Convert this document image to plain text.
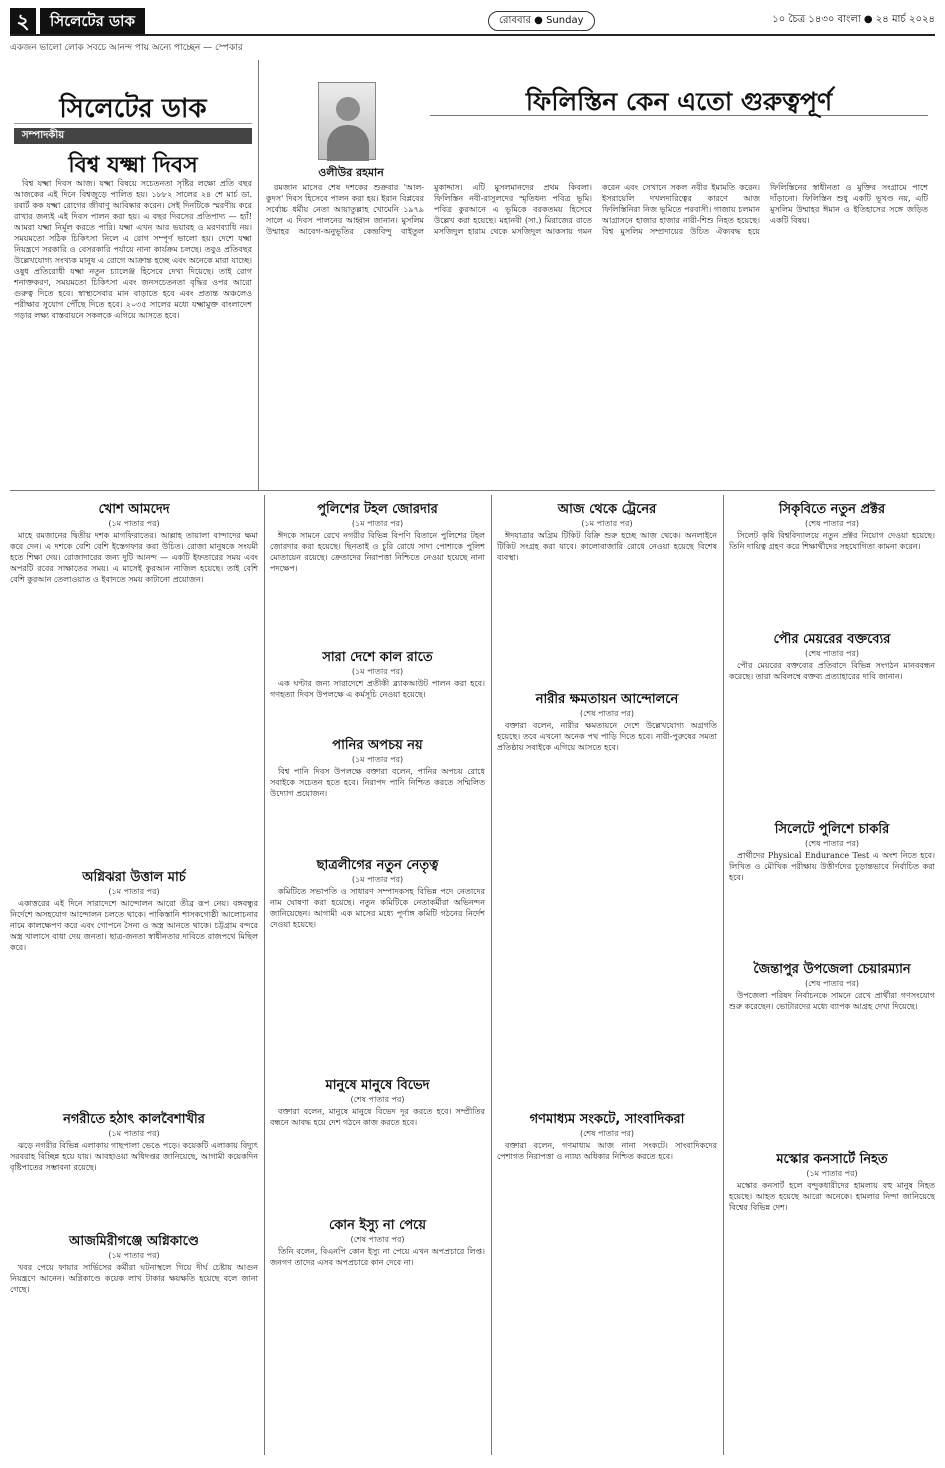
২	সিলেটের ডাক	রোববার ● Sunday	১০ চৈত্র ১৪৩০ বাংলা ● ২৪ মার্চ ২০২৪
একজন ভালো লোক সবচে আনন্দ পায় অন্যে পাচ্ছেন — স্পেকার
সিলেটের ডাক
সম্পাদকীয়
বিশ্ব যক্ষ্মা দিবস

বিশ্ব যক্ষ্মা দিবস আজ। যক্ষ্মা বিষয়ে সচেতনতা সৃষ্টির লক্ষ্যে প্রতি বছর আজকের এই দিনে বিশ্বজুড়ে পালিত হয়। ১৮৮২ সালের ২৪ শে মার্চ ডা. রবার্ট কক যক্ষ্মা রোগের জীবাণু আবিষ্কার করেন। সেই দিনটিকে স্মরণীয় করে রাখার জন্যই এই দিবস পালন করা হয়। এ বছর দিবসের প্রতিপাদ্য — হ্যাঁ! আমরা যক্ষ্মা নির্মূল করতে পারি। যক্ষ্মা এখন আর ভয়াবহ ও মরণব্যাধি নয়। সময়মতো সঠিক চিকিৎসা নিলে এ রোগ সম্পূর্ণ ভালো হয়। দেশে যক্ষ্মা নিয়ন্ত্রণে সরকারি ও বেসরকারি পর্যায়ে নানা কার্যক্রম চলছে। তবুও প্রতিবছর উল্লেখযোগ্য সংখ্যক মানুষ এ রোগে আক্রান্ত হচ্ছে এবং অনেকে মারা যাচ্ছে। ওষুধ প্রতিরোধী যক্ষ্মা নতুন চ্যালেঞ্জ হিসেবে দেখা দিয়েছে। তাই রোগ শনাক্তকরণ, সময়মতো চিকিৎসা এবং জনসচেতনতা বৃদ্ধির ওপর আরো গুরুত্ব দিতে হবে। স্বাস্থ্যসেবার মান বাড়াতে হবে এবং প্রত্যন্ত অঞ্চলেও পরীক্ষার সুযোগ পৌঁছে দিতে হবে। ২০৩৫ সালের মধ্যে যক্ষ্মামুক্ত বাংলাদেশ গড়ার লক্ষ্য বাস্তবায়নে সকলকে এগিয়ে আসতে হবে।

ওলীউর রহমান
ফিলিস্তিন কেন এতো গুরুত্বপূর্ণ

রমজান মাসের শেষ দশকের শুক্রবার 'আল-কুদস' দিবস হিসেবে পালন করা হয়। ইরান বিপ্লবের সর্বোচ্চ ধর্মীয় নেতা আয়াতুল্লাহ খোমেনি ১৯৭৯ সালে এ দিবস পালনের আহ্বান জানান। মুসলিম উম্মাহর আবেগ-অনুভূতির কেন্দ্রবিন্দু বাইতুল মুকাদ্দাস। এটি মুসলমানদের প্রথম কিবলা। ফিলিস্তিন নবী-রাসুলদের স্মৃতিধন্য পবিত্র ভূমি। পবিত্র কুরআনে এ ভূমিকে বরকতময় হিসেবে উল্লেখ করা হয়েছে। মহানবী (সা.) মিরাজের রাতে মসজিদুল হারাম থেকে মসজিদুল আকসায় গমন করেন এবং সেখানে সকল নবীর ইমামতি করেন। ইসরায়েলি দখলদারিত্বের কারণে আজ ফিলিস্তিনিরা নিজ ভূমিতে পরবাসী। গাজায় চলমান আগ্রাসনে হাজার হাজার নারী-শিশু নিহত হয়েছে। বিশ্ব মুসলিম সম্প্রদায়ের উচিত ঐক্যবদ্ধ হয়ে ফিলিস্তিনের স্বাধীনতা ও মুক্তির সংগ্রামে পাশে দাঁড়ানো। ফিলিস্তিন শুধু একটি ভূখণ্ড নয়, এটি মুসলিম উম্মাহর ঈমান ও ইতিহাসের সঙ্গে জড়িত একটি বিষয়।

খোশ আমদেদ
(১ম পাতার পর)

মাহে রমজানের দ্বিতীয় দশক মাগফিরাতের। আল্লাহ তায়ালা বান্দাদের ক্ষমা করে দেন। এ দশকে বেশি বেশি ইস্তেগফার করা উচিত। রোজা মানুষকে সংযমী হতে শিক্ষা দেয়। রোজাদারের জন্য দুটি আনন্দ — একটি ইফতারের সময় এবং অপরটি রবের সাক্ষাতের সময়। এ মাসেই কুরআন নাজিল হয়েছে। তাই বেশি বেশি কুরআন তেলাওয়াত ও ইবাদতে সময় কাটানো প্রয়োজন।

অগ্নিঝরা উত্তাল মার্চ
(১ম পাতার পর)

একাত্তরের এই দিনে সারাদেশে আন্দোলন আরো তীব্র রূপ নেয়। বঙ্গবন্ধুর নির্দেশে অসহযোগ আন্দোলন চলতে থাকে। পাকিস্তানি শাসকগোষ্ঠী আলোচনার নামে কালক্ষেপণ করে এবং গোপনে সৈন্য ও অস্ত্র আনতে থাকে। চট্টগ্রাম বন্দরে অস্ত্র খালাসে বাধা দেয় জনতা। ছাত্র-জনতা স্বাধীনতার দাবিতে রাজপথে মিছিল করে।

নগরীতে হঠাৎ কালবৈশাখীর
(১ম পাতার পর)

ঝড়ে নগরীর বিভিন্ন এলাকায় গাছপালা ভেঙে পড়ে। কয়েকটি এলাকায় বিদ্যুৎ সরবরাহ বিচ্ছিন্ন হয়ে যায়। আবহাওয়া অধিদপ্তর জানিয়েছে, আগামী কয়েকদিন বৃষ্টিপাতের সম্ভাবনা রয়েছে।

আজমিরীগঞ্জে অগ্নিকাণ্ডে
(১ম পাতার পর)

খবর পেয়ে ফায়ার সার্ভিসের কর্মীরা ঘটনাস্থলে গিয়ে দীর্ঘ চেষ্টায় আগুন নিয়ন্ত্রণে আনেন। অগ্নিকাণ্ডে কয়েক লাখ টাকার ক্ষয়ক্ষতি হয়েছে বলে জানা গেছে।

পুলিশের টহল জোরদার
(১ম পাতার পর)

ঈদকে সামনে রেখে নগরীর বিভিন্ন বিপণি বিতানে পুলিশের টহল জোরদার করা হয়েছে। ছিনতাই ও চুরি রোধে সাদা পোশাকে পুলিশ মোতায়েন রয়েছে। ক্রেতাদের নিরাপত্তা নিশ্চিতে নেওয়া হয়েছে নানা পদক্ষেপ।

সারা দেশে কাল রাতে
(১ম পাতার পর)

এক ঘণ্টার জন্য সারাদেশে প্রতীকী ব্ল্যাকআউট পালন করা হবে। গণহত্যা দিবস উপলক্ষে এ কর্মসূচি নেওয়া হয়েছে।

পানির অপচয় নয়
(১ম পাতার পর)

বিশ্ব পানি দিবস উপলক্ষে বক্তারা বলেন, পানির অপচয় রোধে সবাইকে সচেতন হতে হবে। নিরাপদ পানি নিশ্চিত করতে সম্মিলিত উদ্যোগ প্রয়োজন।

ছাত্রলীগের নতুন নেতৃত্ব
(১ম পাতার পর)

কমিটিতে সভাপতি ও সাধারণ সম্পাদকসহ বিভিন্ন পদে নেতাদের নাম ঘোষণা করা হয়েছে। নতুন কমিটিকে নেতাকর্মীরা অভিনন্দন জানিয়েছেন। আগামী এক মাসের মধ্যে পূর্ণাঙ্গ কমিটি গঠনের নির্দেশ দেওয়া হয়েছে।

মানুষে মানুষে বিভেদ
(শেষ পাতার পর)

বক্তারা বলেন, মানুষে মানুষে বিভেদ দূর করতে হবে। সম্প্রীতির বন্ধনে আবদ্ধ হয়ে দেশ গঠনে কাজ করতে হবে।

কোন ইস্যু না পেয়ে
(শেষ পাতার পর)

তিনি বলেন, বিএনপি কোন ইস্যু না পেয়ে এখন অপপ্রচারে লিপ্ত। জনগণ তাদের এসব অপপ্রচারে কান দেবে না।

আজ থেকে ট্রেনের
(১ম পাতার পর)

ঈদযাত্রার অগ্রিম টিকিট বিক্রি শুরু হচ্ছে আজ থেকে। অনলাইনে টিকিট সংগ্রহ করা যাবে। কালোবাজারি রোধে নেওয়া হয়েছে বিশেষ ব্যবস্থা।

নারীর ক্ষমতায়ন আন্দোলনে
(শেষ পাতার পর)

বক্তারা বলেন, নারীর ক্ষমতায়নে দেশে উল্লেখযোগ্য অগ্রগতি হয়েছে। তবে এখনো অনেক পথ পাড়ি দিতে হবে। নারী-পুরুষের সমতা প্রতিষ্ঠায় সবাইকে এগিয়ে আসতে হবে।

গণমাধ্যম সংকটে, সাংবাদিকরা
(শেষ পাতার পর)

বক্তারা বলেন, গণমাধ্যম আজ নানা সংকটে। সাংবাদিকদের পেশাগত নিরাপত্তা ও ন্যায্য অধিকার নিশ্চিত করতে হবে।

সিকৃবিতে নতুন প্রক্টর
(শেষ পাতার পর)

সিলেট কৃষি বিশ্ববিদ্যালয়ে নতুন প্রক্টর নিয়োগ দেওয়া হয়েছে। তিনি দায়িত্ব গ্রহণ করে শিক্ষার্থীদের সহযোগিতা কামনা করেন।

পৌর মেয়রের বক্তব্যের
(শেষ পাতার পর)

পৌর মেয়রের বক্তব্যের প্রতিবাদে বিভিন্ন সংগঠন মানববন্ধন করেছে। তারা অবিলম্বে বক্তব্য প্রত্যাহারের দাবি জানান।

সিলেটে পুলিশে চাকরি
(শেষ পাতার পর)

প্রার্থীদের Physical Endurance Test এ অংশ নিতে হবে। লিখিত ও মৌখিক পরীক্ষায় উত্তীর্ণদের চূড়ান্তভাবে নির্বাচিত করা হবে।

জৈন্তাপুর উপজেলা চেয়ারম্যান
(শেষ পাতার পর)

উপজেলা পরিষদ নির্বাচনকে সামনে রেখে প্রার্থীরা গণসংযোগ শুরু করেছেন। ভোটারদের মধ্যে ব্যাপক আগ্রহ দেখা দিয়েছে।

মস্কোর কনসার্টে নিহত
(১ম পাতার পর)

মস্কোর কনসার্ট হলে বন্দুকধারীদের হামলায় বহু মানুষ নিহত হয়েছে। আহত হয়েছে আরো অনেকে। হামলার নিন্দা জানিয়েছে বিশ্বের বিভিন্ন দেশ।
